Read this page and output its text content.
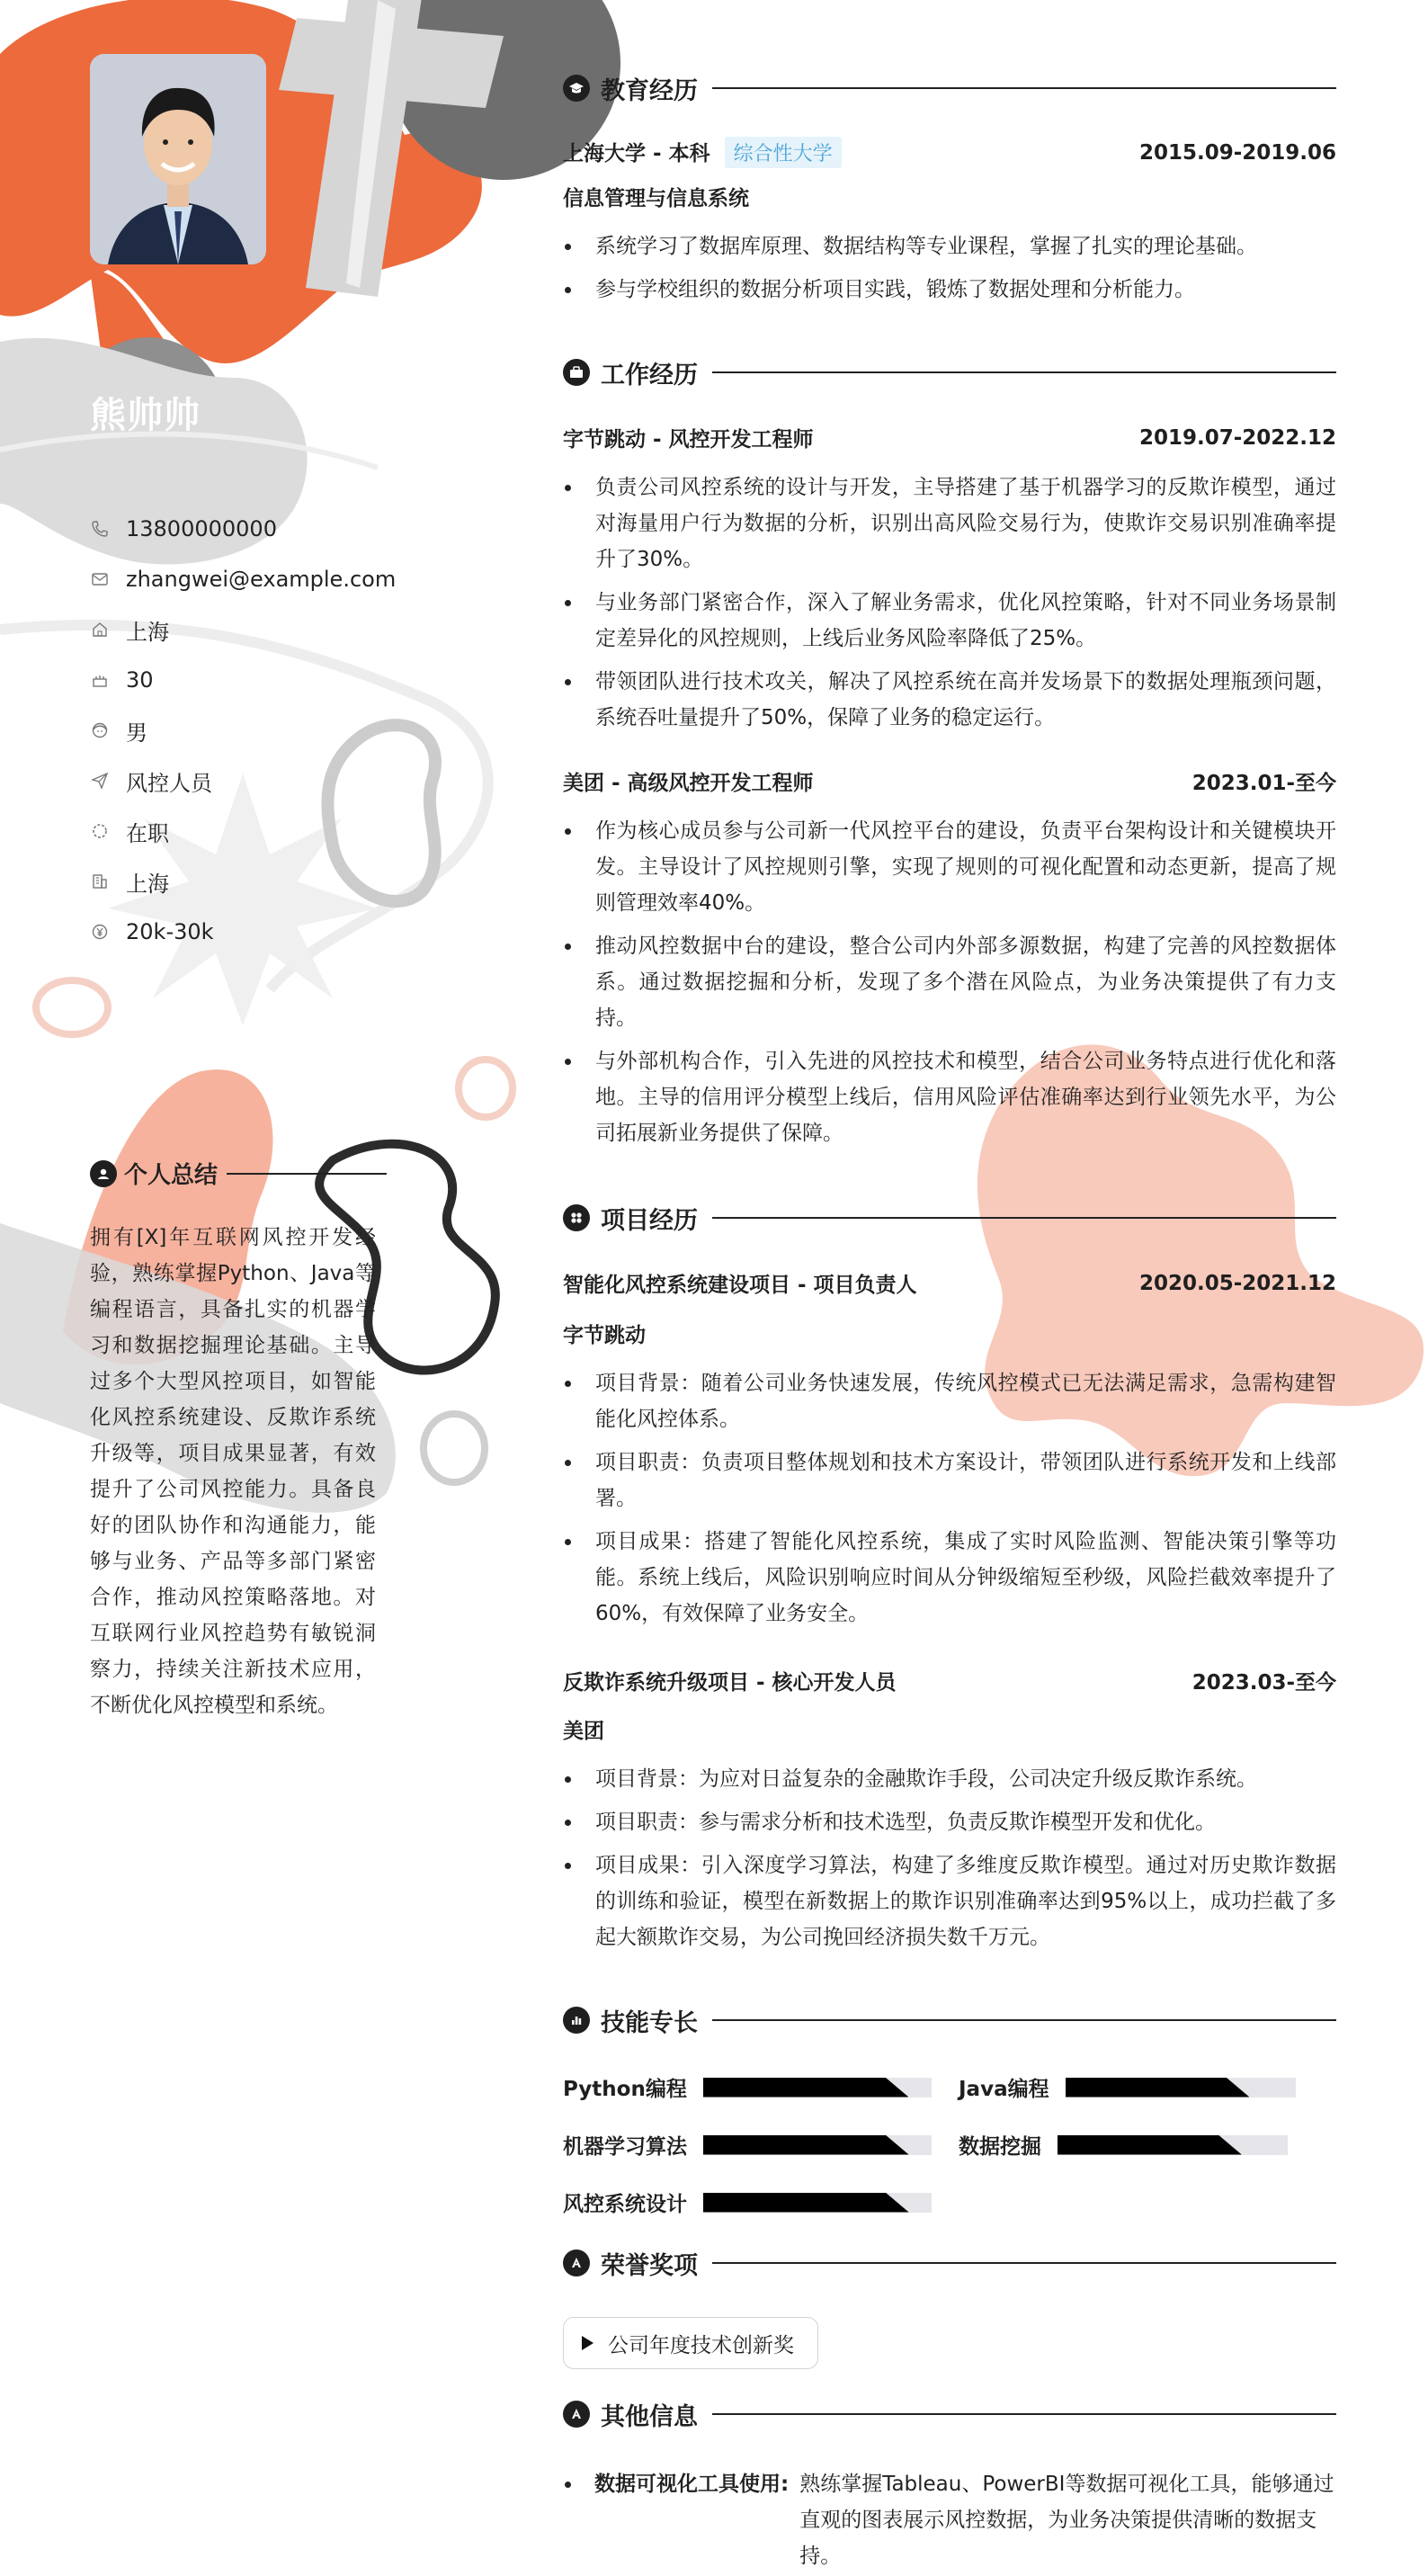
熊帅帅
13800000000
zhangwei@example.com
上海
30
男
风控人员
在职
上海
20k-30k
个人总结
拥有[X]年互联网风控开发经验，熟练掌握Python、Java等编程语言，具备扎实的机器学习和数据挖掘理论基础。主导过多个大型风控项目，如智能化风控系统建设、反欺诈系统升级等，项目成果显著，有效提升了公司风控能力。具备良好的团队协作和沟通能力，能够与业务、产品等多部门紧密合作，推动风控策略落地。对互联网行业风控趋势有敏锐洞察力，持续关注新技术应用，不断优化风控模型和系统。
教育经历
上海大学 - 本科 综合性大学	2015.09-2019.06
信息管理与信息系统
系统学习了数据库原理、数据结构等专业课程，掌握了扎实的理论基础。
参与学校组织的数据分析项目实践，锻炼了数据处理和分析能力。
工作经历
字节跳动 - 风控开发工程师	2019.07-2022.12
负责公司风控系统的设计与开发，主导搭建了基于机器学习的反欺诈模型，通过对海量用户行为数据的分析，识别出高风险交易行为，使欺诈交易识别准确率提升了30%。
与业务部门紧密合作，深入了解业务需求，优化风控策略，针对不同业务场景制定差异化的风控规则，上线后业务风险率降低了25%。
带领团队进行技术攻关，解决了风控系统在高并发场景下的数据处理瓶颈问题，系统吞吐量提升了50%，保障了业务的稳定运行。
美团 - 高级风控开发工程师	2023.01-至今
作为核心成员参与公司新一代风控平台的建设，负责平台架构设计和关键模块开发。主导设计了风控规则引擎，实现了规则的可视化配置和动态更新，提高了规则管理效率40%。
推动风控数据中台的建设，整合公司内外部多源数据，构建了完善的风控数据体系。通过数据挖掘和分析，发现了多个潜在风险点，为业务决策提供了有力支持。
与外部机构合作，引入先进的风控技术和模型，结合公司业务特点进行优化和落地。主导的信用评分模型上线后，信用风险评估准确率达到行业领先水平，为公司拓展新业务提供了保障。
项目经历
智能化风控系统建设项目 - 项目负责人	2020.05-2021.12
字节跳动
项目背景：随着公司业务快速发展，传统风控模式已无法满足需求，急需构建智能化风控体系。
项目职责：负责项目整体规划和技术方案设计，带领团队进行系统开发和上线部署。
项目成果：搭建了智能化风控系统，集成了实时风险监测、智能决策引擎等功能。系统上线后，风险识别响应时间从分钟级缩短至秒级，风险拦截效率提升了60%，有效保障了业务安全。
反欺诈系统升级项目 - 核心开发人员	2023.03-至今
美团
项目背景：为应对日益复杂的金融欺诈手段，公司决定升级反欺诈系统。
项目职责：参与需求分析和技术选型，负责反欺诈模型开发和优化。
项目成果：引入深度学习算法，构建了多维度反欺诈模型。通过对历史欺诈数据的训练和验证，模型在新数据上的欺诈识别准确率达到95%以上，成功拦截了多起大额欺诈交易，为公司挽回经济损失数千万元。
技能专长
Python编程	Java编程
机器学习算法	数据挖掘
风控系统设计
荣誉奖项
公司年度技术创新奖
其他信息
数据可视化工具使用: 熟练掌握Tableau、PowerBI等数据可视化工具，能够通过直观的图表展示风控数据，为业务决策提供清晰的数据支持。
